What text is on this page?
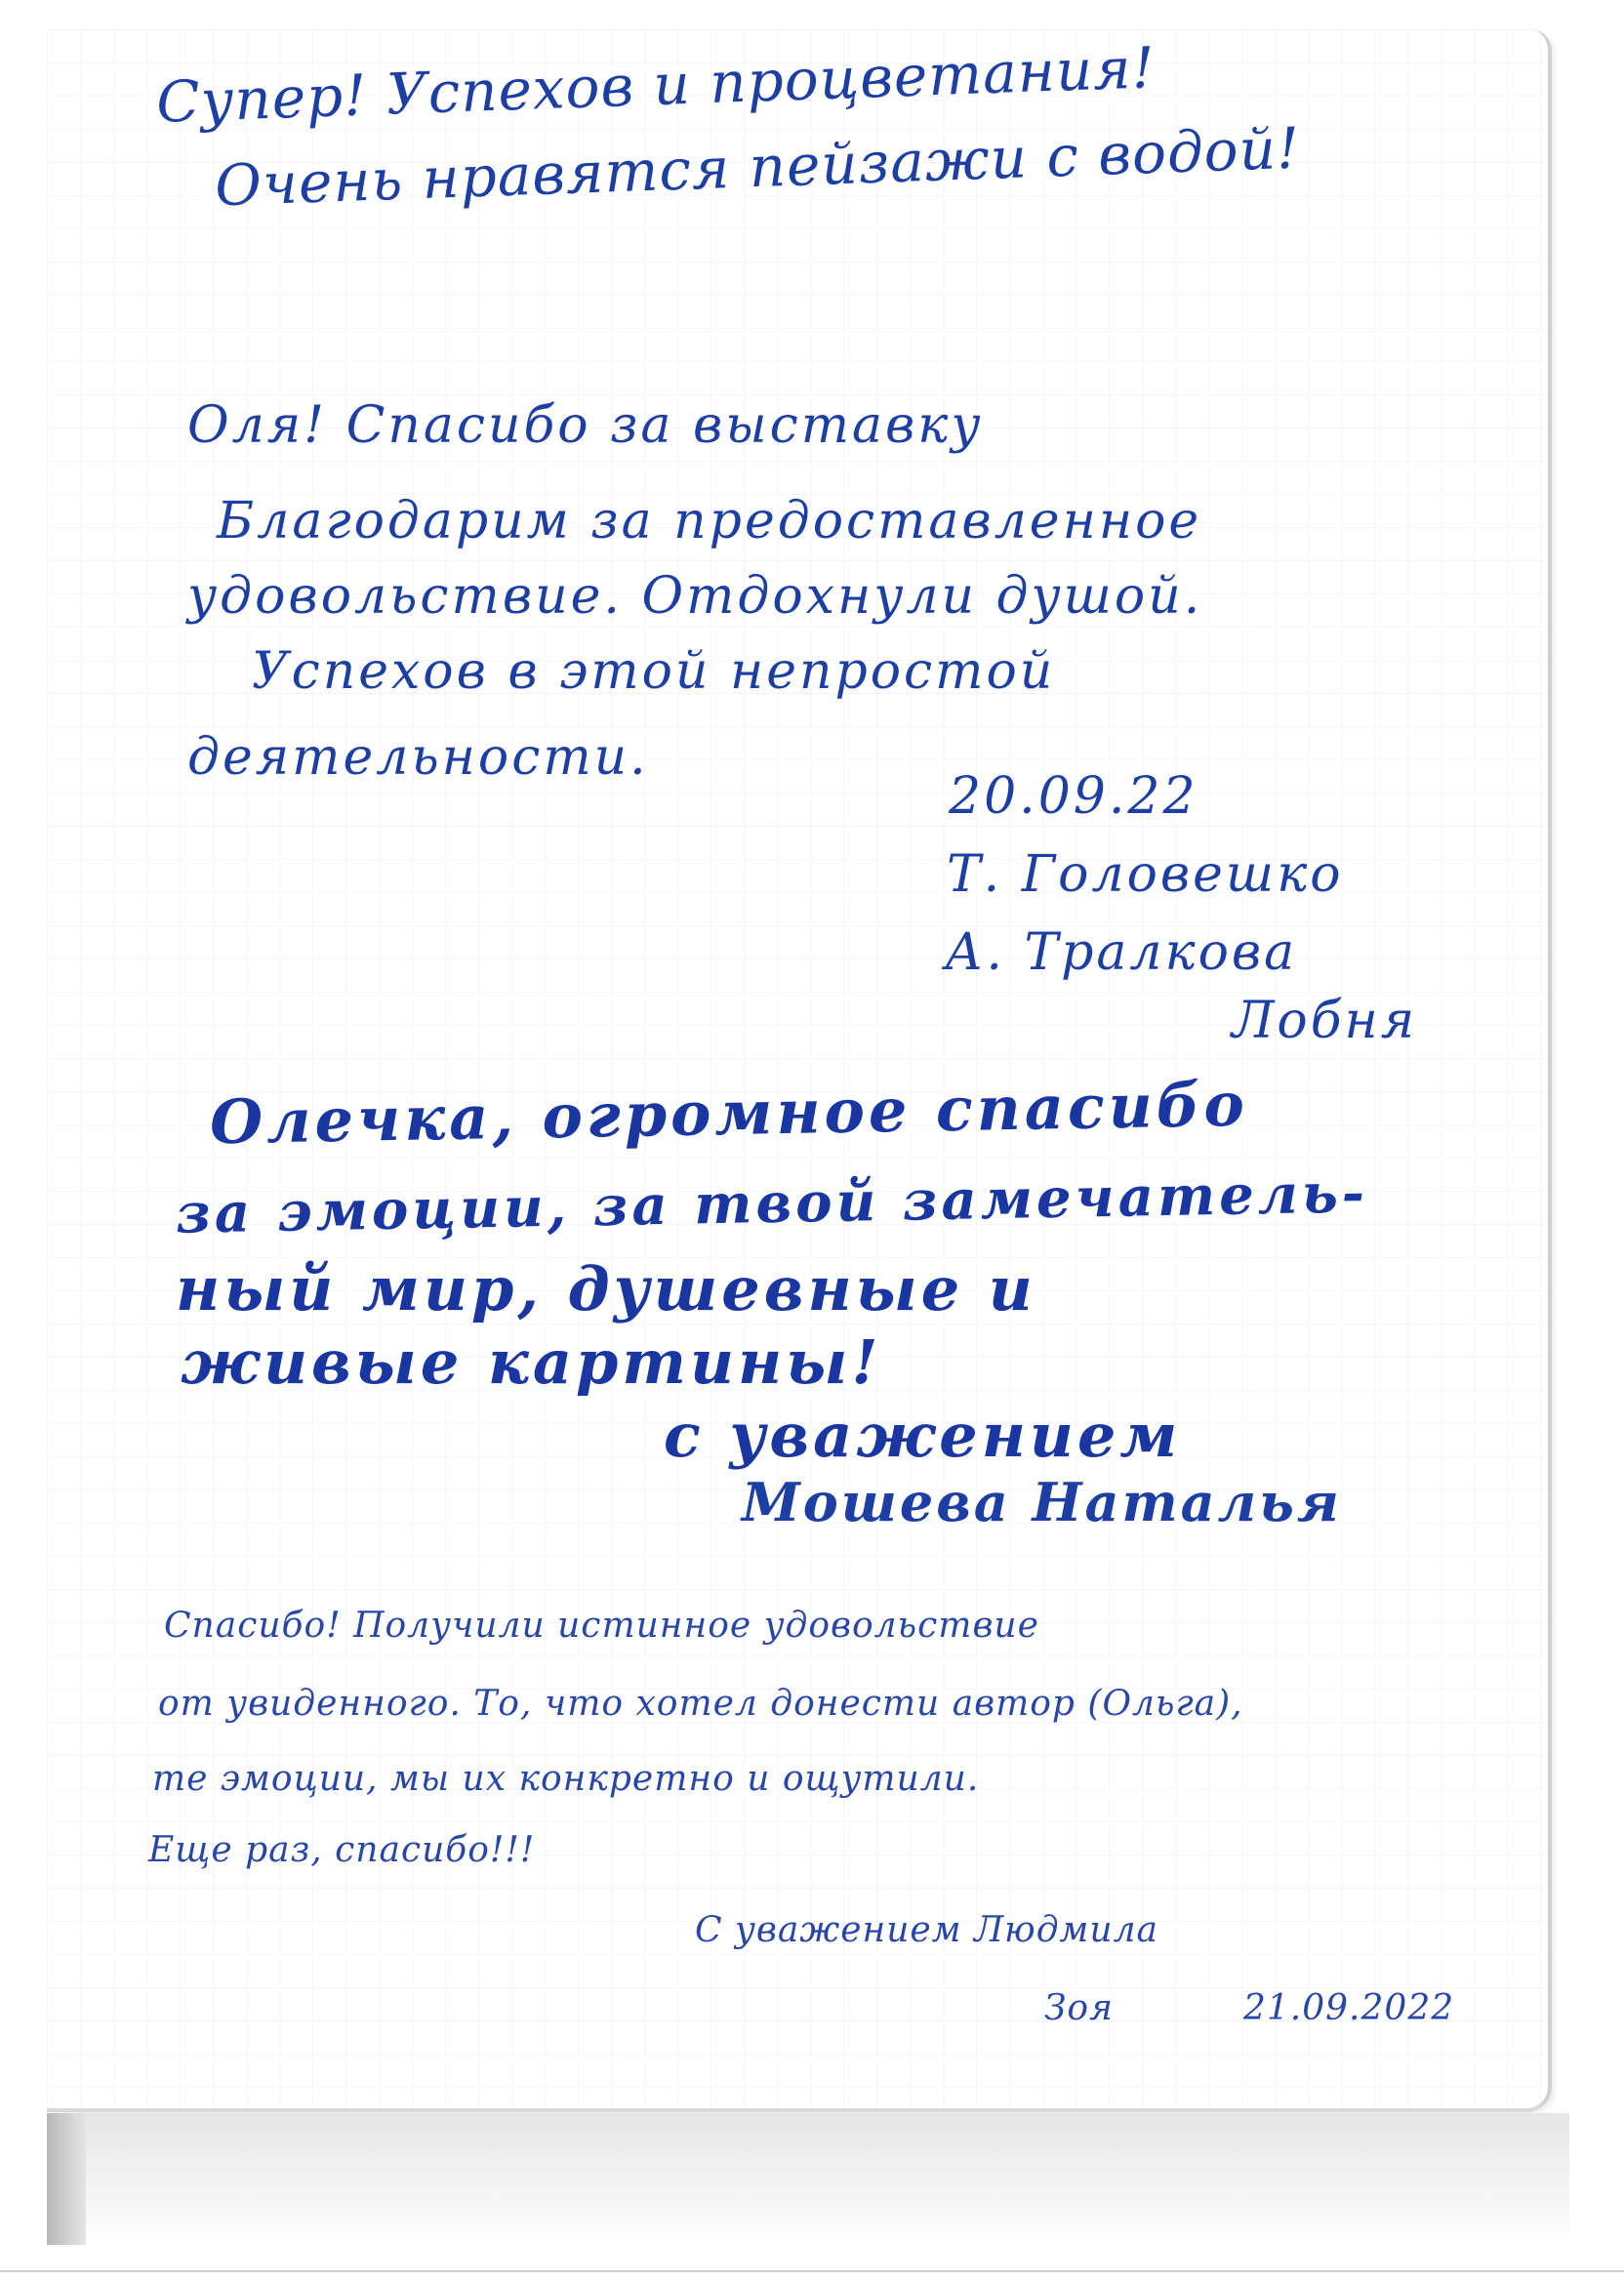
Супер! Успехов и процветания!

Очень нравятся пейзажи с водой!

Оля! Спасибо за выставку

Благодарим за предоставленное

удовольствие. Отдохнули душой.

Успехов в этой непростой

деятельности.

20.09.22

Т. Головешко

А. Тралкова

Лобня

Олечка, огромное спасибо

за эмоции, за твой замечатель-

ный мир, душевные и

живые картины!

с уважением

Мошева Наталья

Спасибо! Получили истинное удовольствие

от увиденного. То, что хотел донести автор (Ольга),

те эмоции, мы их конкретно и ощутили.

Еще раз, спасибо!!!

С уважением Людмила

Зоя	21.09.2022
